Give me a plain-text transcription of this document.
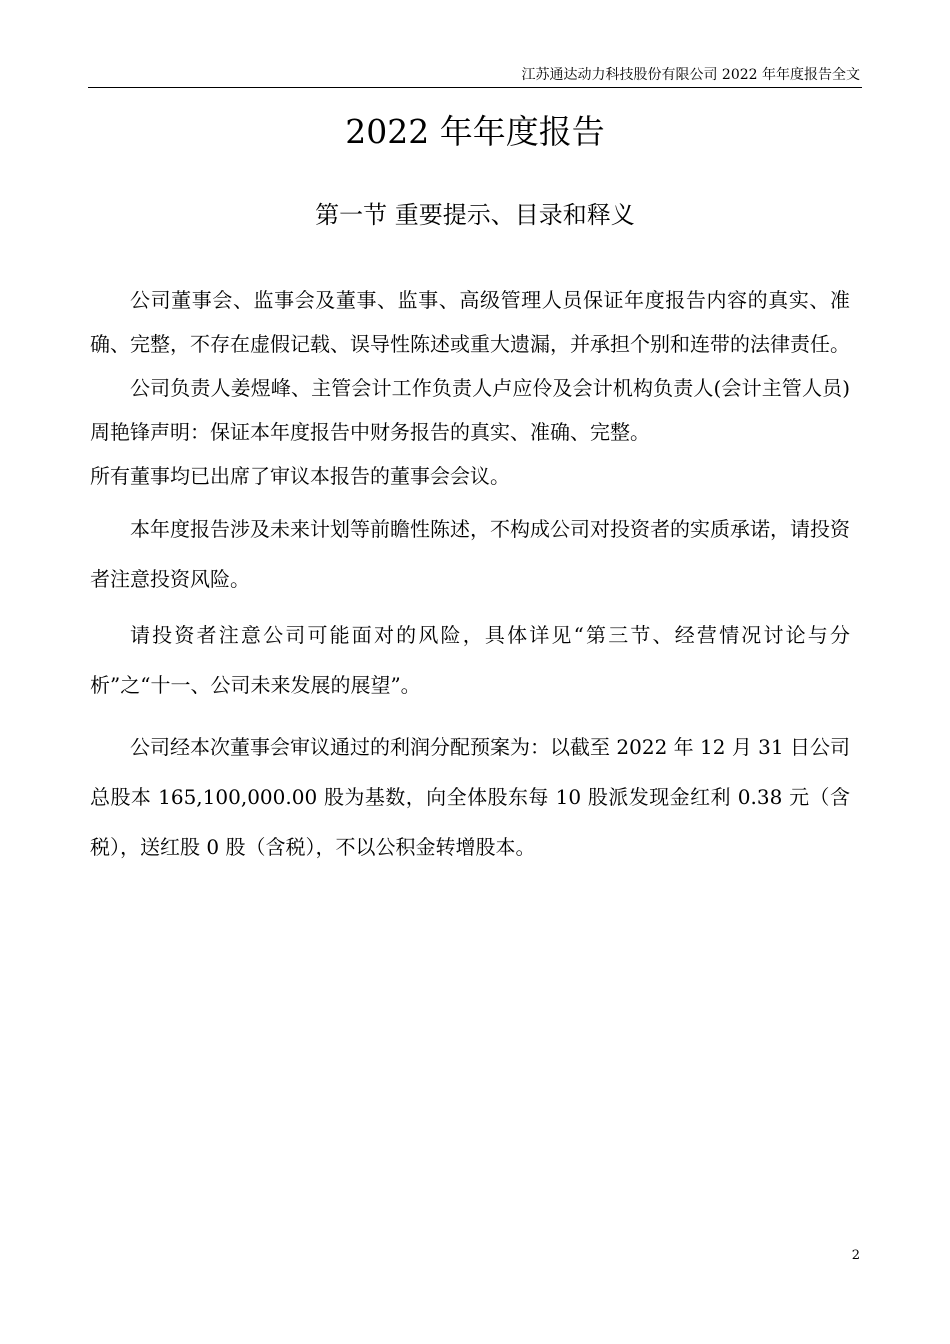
江苏通达动力科技股份有限公司 2022 年年度报告全文
2022 年年度报告
第一节 重要提示、目录和释义

公司董事会、监事会及董事、监事、高级管理人员保证年度报告内容的真实、准确、完整，不存在虚假记载、误导性陈述或重大遗漏，并承担个别和连带的法律责任。

公司负责人姜煜峰、主管会计工作负责人卢应伶及会计机构负责人(会计主管人员)周艳锋声明：保证本年度报告中财务报告的真实、准确、完整。

所有董事均已出席了审议本报告的董事会会议。

本年度报告涉及未来计划等前瞻性陈述，不构成公司对投资者的实质承诺，请投资者注意投资风险。

请投资者注意公司可能面对的风险，具体详见“第三节、经营情况讨论与分析”之“十一、公司未来发展的展望”。

公司经本次董事会审议通过的利润分配预案为：以截至 2022 年 12 月 31 日公司总股本 165,100,000.00 股为基数，向全体股东每 10 股派发现金红利 0.38 元（含税），送红股 0 股（含税），不以公积金转增股本。

2
